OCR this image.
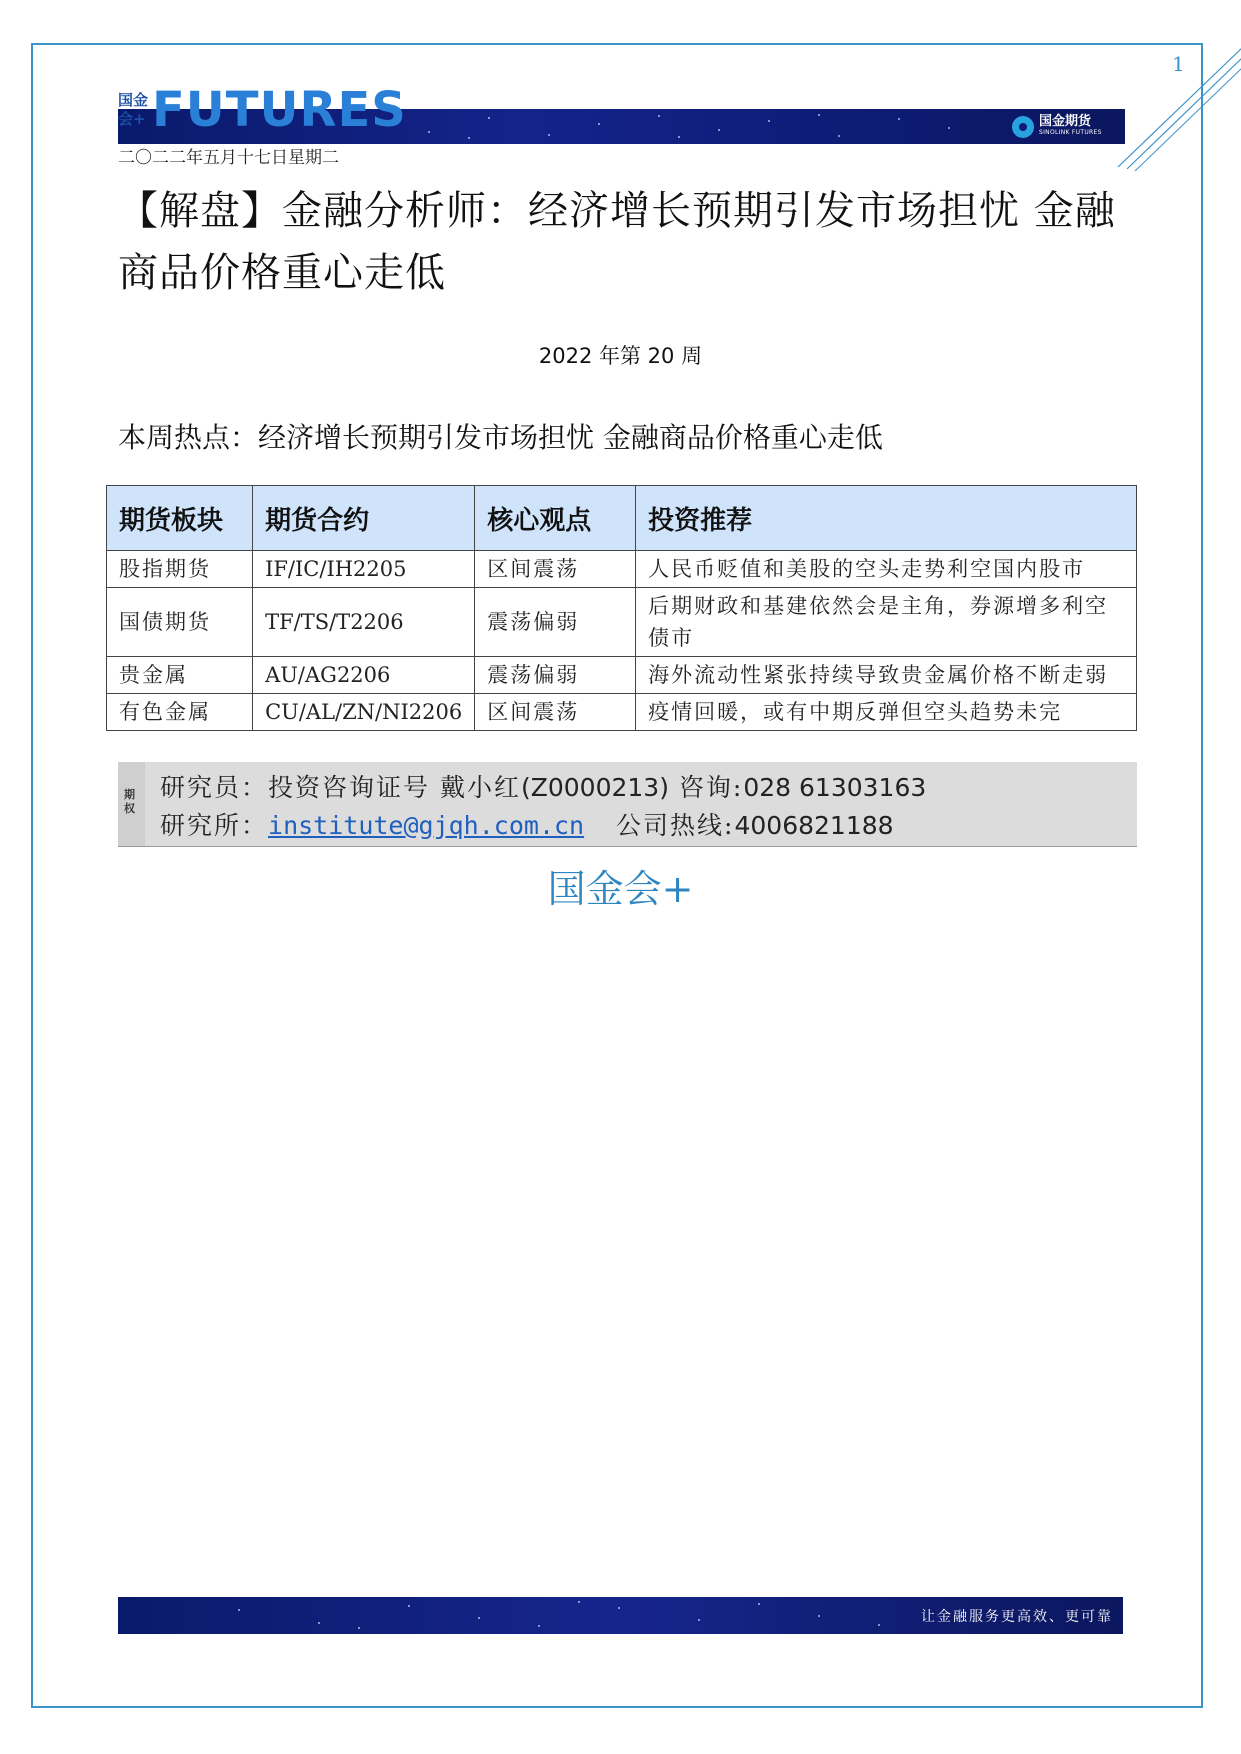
1
国金会+ FUTURES	国金期货
SINOLINK FUTURES
二〇二二年五月十七日星期二
【解盘】金融分析师：经济增长预期引发市场担忧 金融商品价格重心走低
2022 年第 20 周
本周热点：经济增长预期引发市场担忧 金融商品价格重心走低
期货板块	期货合约	核心观点	投资推荐
股指期货	IF/IC/IH2205	区间震荡	人民币贬值和美股的空头走势利空国内股市
国债期货	TF/TS/T2206	震荡偏弱	后期财政和基建依然会是主角，券源增多利空债市
贵金属	AU/AG2206	震荡偏弱	海外流动性紧张持续导致贵金属价格不断走弱
有色金属	CU/AL/ZN/NI2206	区间震荡	疫情回暖，或有中期反弹但空头趋势未完
期权
研究员：投资咨询证号 戴小红(Z0000213) 咨询:028 61303163
研究所：institute@gjqh.com.cn 公司热线:4006821188
国金会+
让金融服务更高效、更可靠
